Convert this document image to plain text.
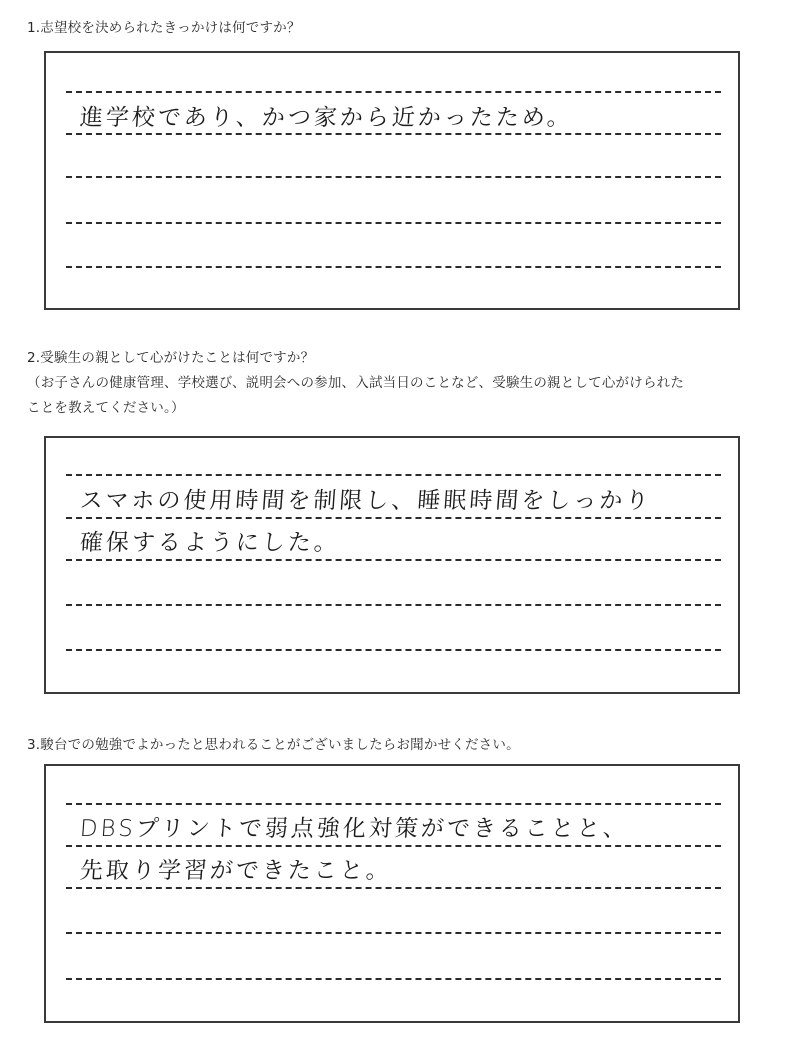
1.志望校を決められたきっかけは何ですか？
進学校であり、かつ家から近かったため。
2.受験生の親として心がけたことは何ですか？
（お子さんの健康管理、学校選び、説明会への参加、入試当日のことなど、受験生の親として心がけられた
ことを教えてください。）
スマホの使用時間を制限し、睡眠時間をしっかり
確保するようにした。
3.駿台での勉強でよかったと思われることがございましたらお聞かせください。
DBSプリントで弱点強化対策ができることと、
先取り学習ができたこと。
